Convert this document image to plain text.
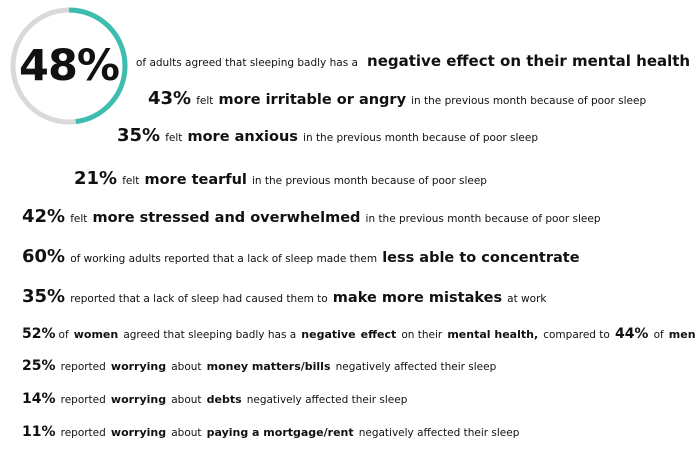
48%	of adults agreed that sleeping badly has a negative effect on their mental health
43% felt more irritable or angry in the previous month because of poor sleep
35% felt more anxious in the previous month because of poor sleep
21% felt more tearful in the previous month because of poor sleep
42% felt more stressed and overwhelmed in the previous month because of poor sleep
60% of working adults reported that a lack of sleep made them less able to concentrate
35% reported that a lack of sleep had caused them to make more mistakes at work
52% of women agreed that sleeping badly has a negative effect on their mental health, compared to 44% of men
25% reported worrying about money matters/bills negatively affected their sleep
14% reported worrying about debts negatively affected their sleep
11% reported worrying about paying a mortgage/rent negatively affected their sleep
